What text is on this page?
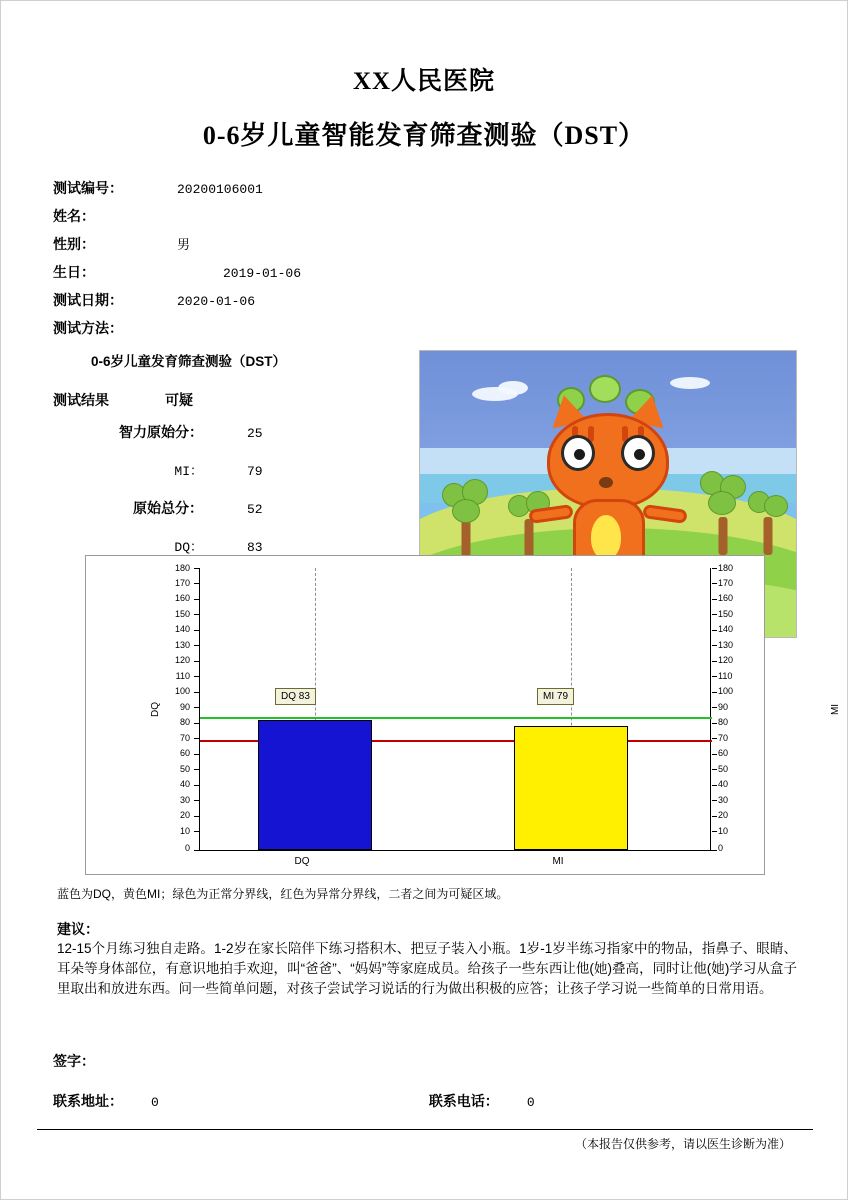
XX人民医院
0-6岁儿童智能发育筛查测验（DST）
测试编号：	20200106001
姓名：
性别：	男
生日：	2019-01-06
测试日期：	2020-01-06
测试方法：
0-6岁儿童发育筛查测验（DST）
测试结果	可疑
智力原始分：	25
MI：	79
原始总分：	52
DQ：	83
DQ	MI
180
170
160
150
140
130
120
110
100
90
80
70
60
50
40
30
20
10
0
180
170
160
150
140
130
120
110
100
90
80
70
60
50
40
30
20
10
0
DQ 83	MI 79
DQ	MI
蓝色为DQ，黄色MI；绿色为正常分界线，红色为异常分界线，二者之间为可疑区域。
建议：
12-15个月练习独自走路。1-2岁在家长陪伴下练习搭积木、把豆子装入小瓶。1岁-1岁半练习指家中的物品，指鼻子、眼睛、耳朵等身体部位，有意识地拍手欢迎，叫“爸爸”、“妈妈”等家庭成员。给孩子一些东西让他(她)叠高，同时让他(她)学习从盒子里取出和放进东西。问一些简单问题，对孩子尝试学习说话的行为做出积极的应答；让孩子学习说一些简单的日常用语。
签字：
联系地址：	0	联系电话：	0
（本报告仅供参考，请以医生诊断为准）
